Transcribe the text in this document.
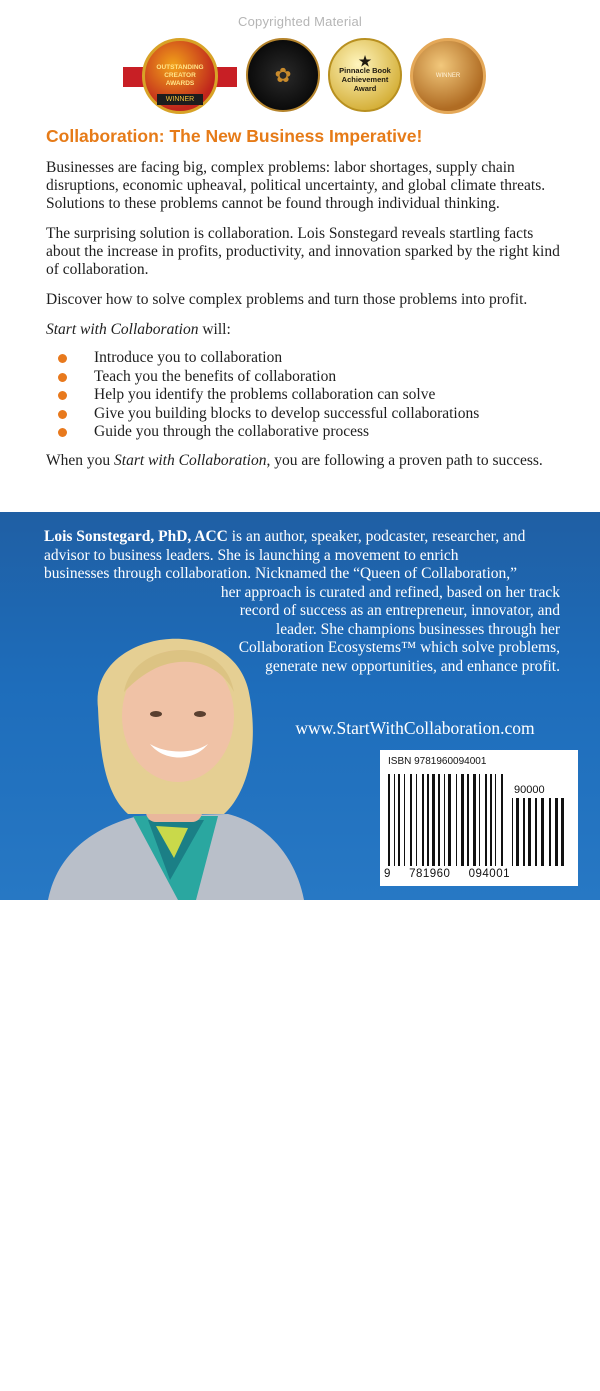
Copyrighted Material
OUTSTANDING
CREATOR
AWARDS
WINNER
✿
★
Pinnacle Book
Achievement
Award
WINNER
Collaboration: The New Business Imperative!

Businesses are facing big, complex problems: labor shortages, supply chain disruptions, economic upheaval, political uncertainty, and global climate threats. Solutions to these problems cannot be found through individual thinking.

The surprising solution is collaboration. Lois Sonstegard reveals startling facts about the increase in profits, productivity, and innovation sparked by the right kind of collaboration.

Discover how to solve complex problems and turn those problems into profit.

Start with Collaboration will:

Introduce you to collaboration
Teach you the benefits of collaboration
Help you identify the problems collaboration can solve
Give you building blocks to develop successful collaborations
Guide you through the collaborative process

When you Start with Collaboration, you are following a proven path to success.

Lois Sonstegard, PhD, ACC is an author, speaker, podcaster, researcher, and
advisor to business leaders. She is launching a movement to enrich
businesses through collaboration. Nicknamed the “Queen of Collaboration,”
her approach is curated and refined, based on her track
record of success as an entrepreneur, innovator, and
leader. She champions businesses through her
Collaboration Ecosystems™ which solve problems,
generate new opportunities, and enhance profit.
www.StartWithCollaboration.com
ISBN 9781960094001
90000
9 781960 094001
Copyrighted Material
